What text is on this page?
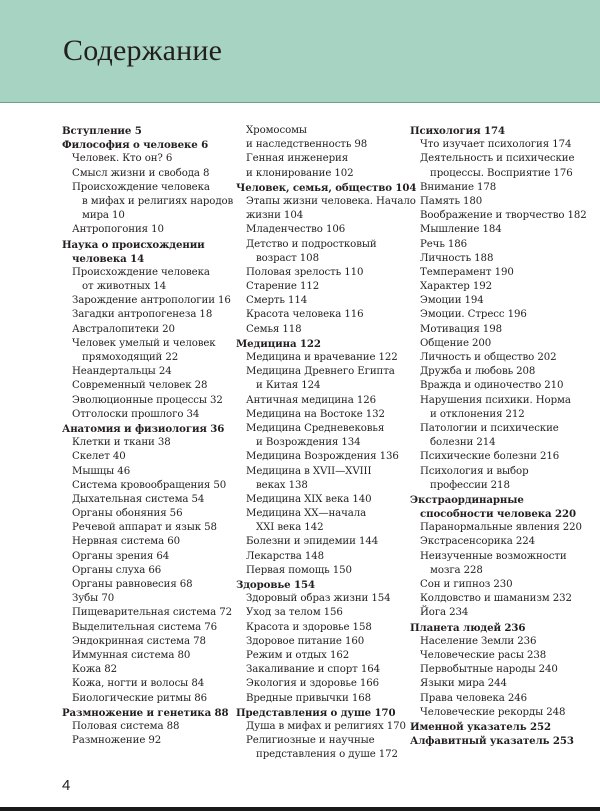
Содержание
Вступление 5
Философия о человеке 6
Человек. Кто он? 6
Смысл жизни и свобода 8
Происхождение человека
в мифах и религиях народов
мира 10
Антропогония 10
Наука о происхождении
человека 14
Происхождение человека
от животных 14
Зарождение антропологии 16
Загадки антропогенеза 18
Австралопитеки 20
Человек умелый и человек
прямоходящий 22
Неандертальцы 24
Современный человек 28
Эволюционные процессы 32
Отголоски прошлого 34
Анатомия и физиология 36
Клетки и ткани 38
Скелет 40
Мышцы 46
Система кровообращения 50
Дыхательная система 54
Органы обоняния 56
Речевой аппарат и язык 58
Нервная система 60
Органы зрения 64
Органы слуха 66
Органы равновесия 68
Зубы 70
Пищеварительная система 72
Выделительная система 76
Эндокринная система 78
Иммунная система 80
Кожа 82
Кожа, ногти и волосы 84
Биологические ритмы 86
Размножение и генетика 88
Половая система 88
Размножение 92
Хромосомы
и наследственность 98
Генная инженерия
и клонирование 102
Человек, семья, общество 104
Этапы жизни человека. Начало
жизни 104
Младенчество 106
Детство и подростковый
возраст 108
Половая зрелость 110
Старение 112
Смерть 114
Красота человека 116
Семья 118
Медицина 122
Медицина и врачевание 122
Медицина Древнего Египта
и Китая 124
Античная медицина 126
Медицина на Востоке 132
Медицина Средневековья
и Возрождения 134
Медицина Возрождения 136
Медицина в XVII—XVIII
веках 138
Медицина XIX века 140
Медицина XX—начала
XXI века 142
Болезни и эпидемии 144
Лекарства 148
Первая помощь 150
Здоровье 154
Здоровый образ жизни 154
Уход за телом 156
Красота и здоровье 158
Здоровое питание 160
Режим и отдых 162
Закаливание и спорт 164
Экология и здоровье 166
Вредные привычки 168
Представления о душе 170
Душа в мифах и религиях 170
Религиозные и научные
представления о душе 172
Психология 174
Что изучает психология 174
Деятельность и психические
процессы. Восприятие 176
Внимание 178
Память 180
Воображение и творчество 182
Мышление 184
Речь 186
Личность 188
Темперамент 190
Характер 192
Эмоции 194
Эмоции. Стресс 196
Мотивация 198
Общение 200
Личность и общество 202
Дружба и любовь 208
Вражда и одиночество 210
Нарушения психики. Норма
и отклонения 212
Патологии и психические
болезни 214
Психические болезни 216
Психология и выбор
профессии 218
Экстраординарные
способности человека 220
Паранормальные явления 220
Экстрасенсорика 224
Неизученные возможности
мозга 228
Сон и гипноз 230
Колдовство и шаманизм 232
Йога 234
Планета людей 236
Население Земли 236
Человеческие расы 238
Первобытные народы 240
Языки мира 244
Права человека 246
Человеческие рекорды 248
Именной указатель 252
Алфавитный указатель 253
4
